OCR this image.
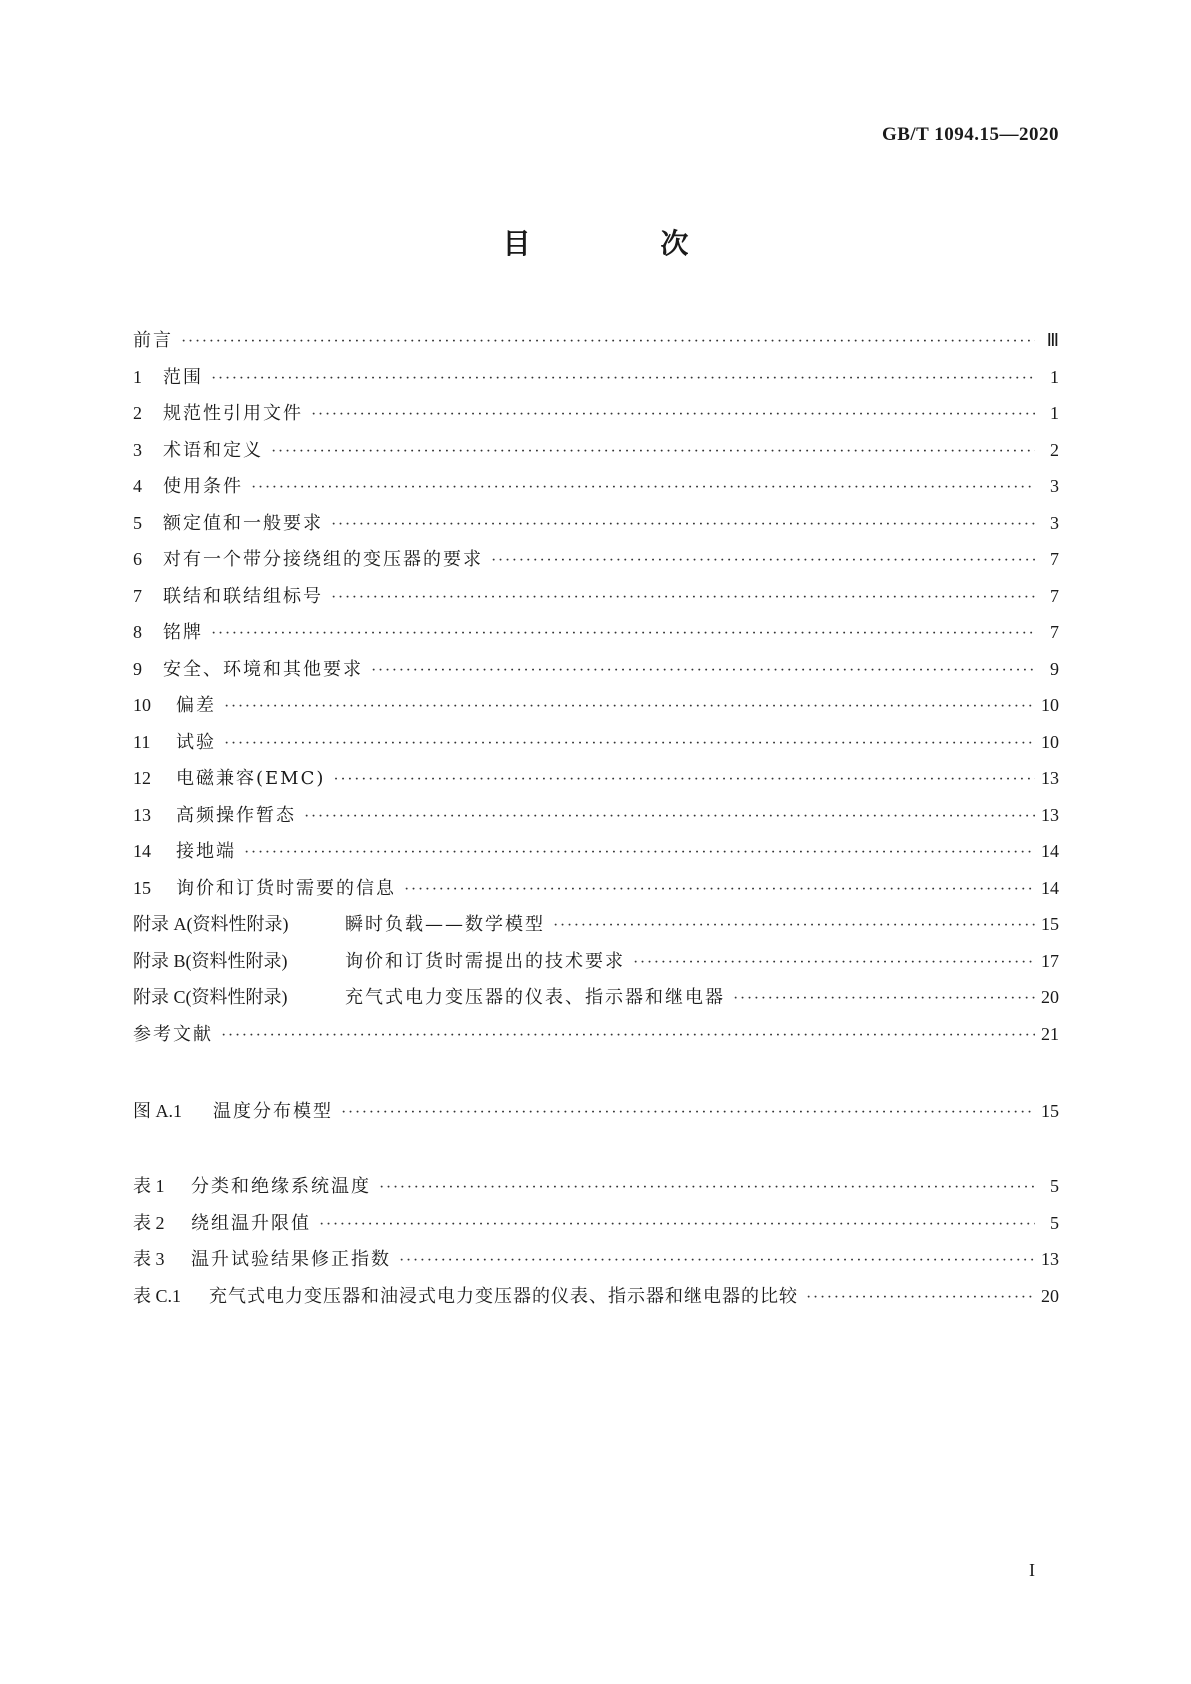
GB/T 1094.15—2020
目 次
前言 ·····	Ⅲ
1	范围 ·····	1
2	规范性引用文件 ·····	1
3	术语和定义 ·····	2
4	使用条件 ·····	3
5	额定值和一般要求 ·····	3
6	对有一个带分接绕组的变压器的要求 ·····	7
7	联结和联结组标号 ·····	7
8	铭牌 ·····	7
9	安全、环境和其他要求 ·····	9
10	偏差 ·····	10
11	试验 ·····	10
12	电磁兼容(EMC) ·····	13
13	高频操作暂态 ·····	13
14	接地端 ·····	14
15	询价和订货时需要的信息 ·····	14
附录 A(资料性附录)	瞬时负载——数学模型 ·····	15
附录 B(资料性附录)	询价和订货时需提出的技术要求 ·····	17
附录 C(资料性附录)	充气式电力变压器的仪表、指示器和继电器 ·····	20
参考文献 ·····	21
图 A.1	温度分布模型 ·····	15
表 1	分类和绝缘系统温度 ·····	5
表 2	绕组温升限值 ·····	5
表 3	温升试验结果修正指数 ·····	13
表 C.1	充气式电力变压器和油浸式电力变压器的仪表、指示器和继电器的比较 ·····	20
I
